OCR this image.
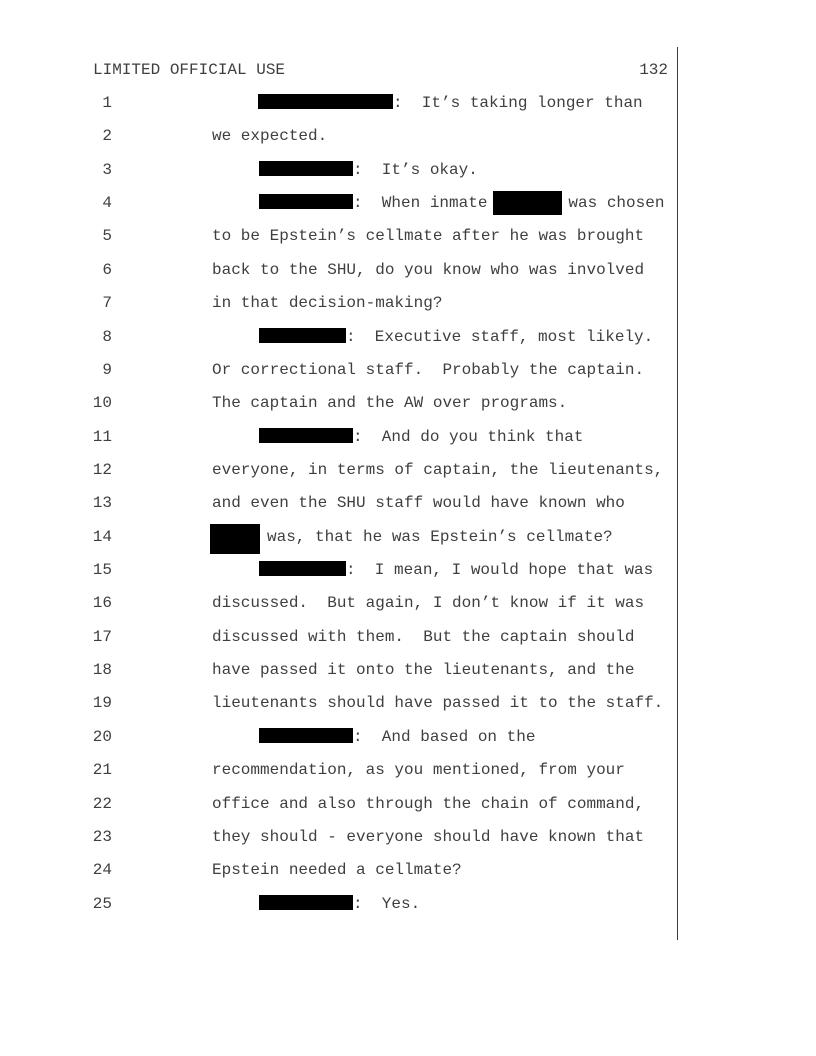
LIMITED OFFICIAL USE	132
1	:  It’s taking longer than
2	we expected.
3	:  It’s okay.
4	:  When inmate	was chosen
5	to be Epstein’s cellmate after he was brought
6	back to the SHU, do you know who was involved
7	in that decision-making?
8	:  Executive staff, most likely.
9	Or correctional staff.  Probably the captain.
10	The captain and the AW over programs.
11	:  And do you think that
12	everyone, in terms of captain, the lieutenants,
13	and even the SHU staff would have known who
14	was, that he was Epstein’s cellmate?
15	:  I mean, I would hope that was
16	discussed.  But again, I don’t know if it was
17	discussed with them.  But the captain should
18	have passed it onto the lieutenants, and the
19	lieutenants should have passed it to the staff.
20	:  And based on the
21	recommendation, as you mentioned, from your
22	office and also through the chain of command,
23	they should - everyone should have known that
24	Epstein needed a cellmate?
25	:  Yes.
